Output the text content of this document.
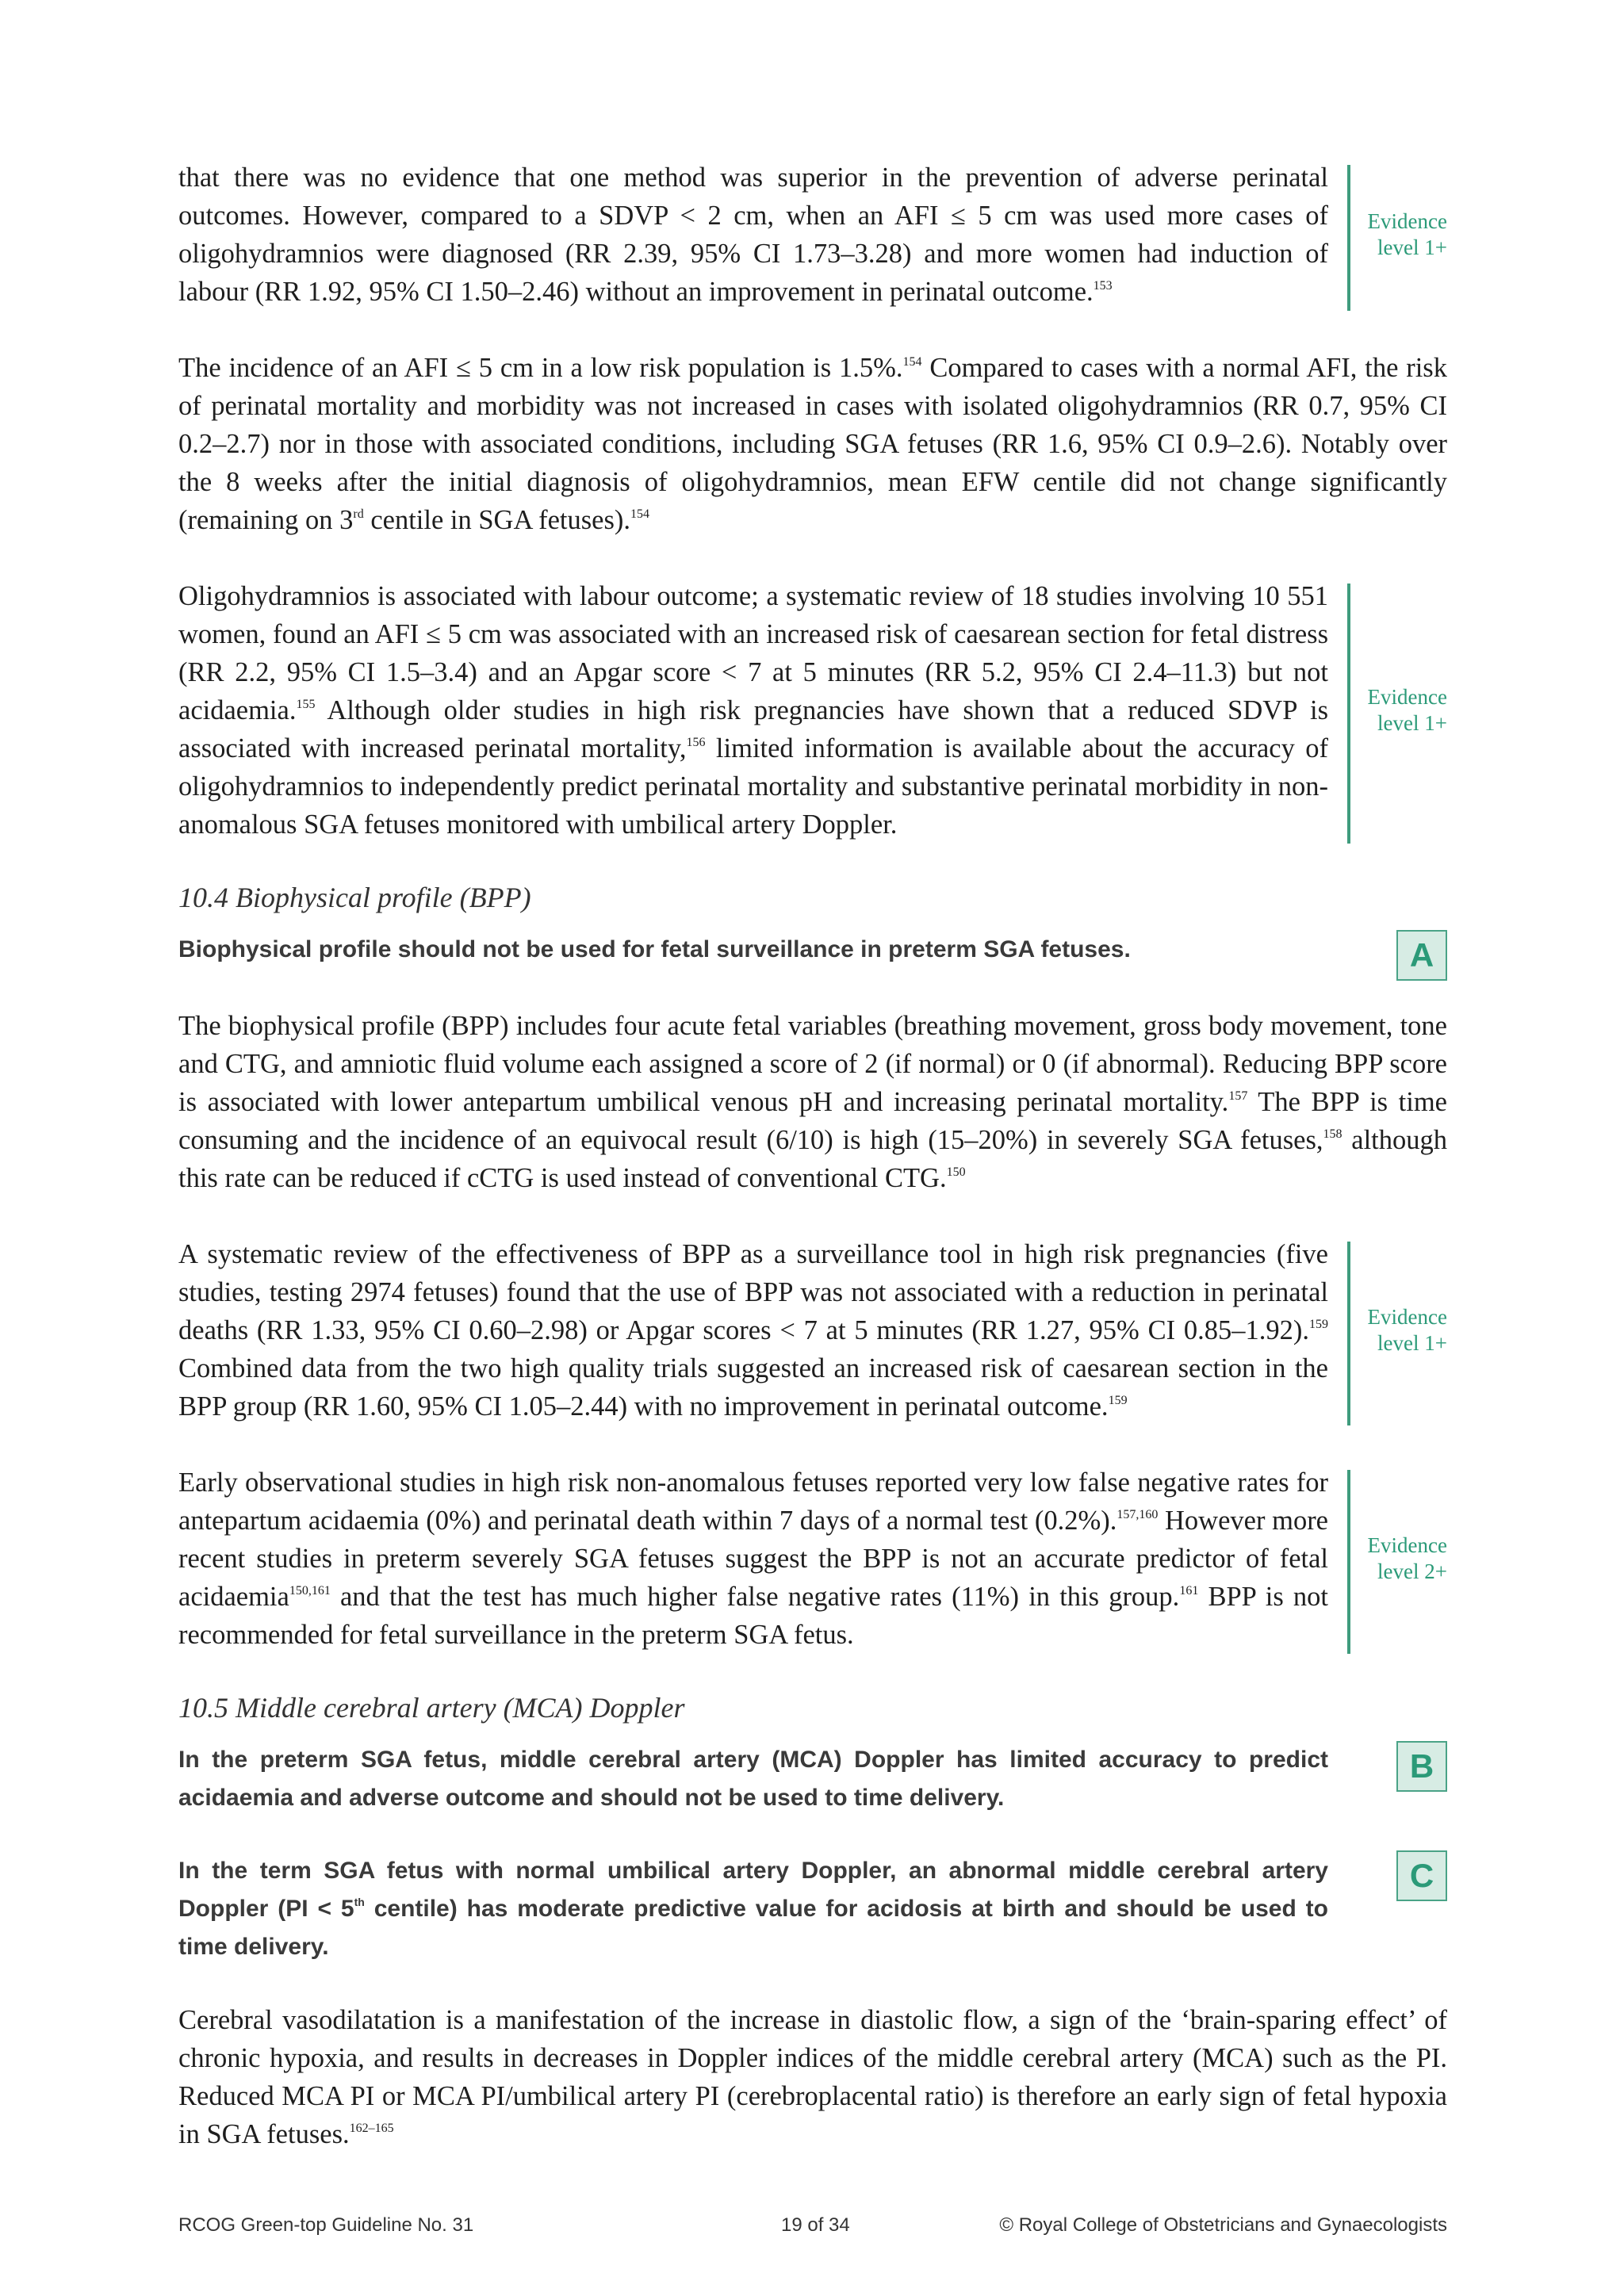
that there was no evidence that one method was superior in the prevention of adverse perinatal outcomes. However, compared to a SDVP < 2 cm, when an AFI ≤ 5 cm was used more cases of oligohydramnios were diagnosed (RR 2.39, 95% CI 1.73–3.28) and more women had induction of labour (RR 1.92, 95% CI 1.50–2.46) without an improvement in perinatal outcome.$^{153}$

Evidence
level 1+

The incidence of an AFI ≤ 5 cm in a low risk population is 1.5%.$^{154}$ Compared to cases with a normal AFI, the risk of perinatal mortality and morbidity was not increased in cases with isolated oligohydramnios (RR 0.7, 95% CI 0.2–2.7) nor in those with associated conditions, including SGA fetuses (RR 1.6, 95% CI 0.9–2.6). Notably over the 8 weeks after the initial diagnosis of oligohydramnios, mean EFW centile did not change significantly (remaining on 3rd centile in SGA fetuses).$^{154}$

Oligohydramnios is associated with labour outcome; a systematic review of 18 studies involving 10 551 women, found an AFI ≤ 5 cm was associated with an increased risk of caesarean section for fetal distress (RR 2.2, 95% CI 1.5–3.4) and an Apgar score < 7 at 5 minutes (RR 5.2, 95% CI 2.4–11.3) but not acidaemia.$^{155}$ Although older studies in high risk pregnancies have shown that a reduced SDVP is associated with increased perinatal mortality,$^{156}$ limited information is available about the accuracy of oligohydramnios to independently predict perinatal mortality and substantive perinatal morbidity in non-anomalous SGA fetuses monitored with umbilical artery Doppler.

Evidence
level 1+

10.4 Biophysical profile (BPP)

Biophysical profile should not be used for fetal surveillance in preterm SGA fetuses.	A

The biophysical profile (BPP) includes four acute fetal variables (breathing movement, gross body movement, tone and CTG, and amniotic fluid volume each assigned a score of 2 (if normal) or 0 (if abnormal). Reducing BPP score is associated with lower antepartum umbilical venous pH and increasing perinatal mortality.$^{157}$ The BPP is time consuming and the incidence of an equivocal result (6/10) is high (15–20%) in severely SGA fetuses,$^{158}$ although this rate can be reduced if cCTG is used instead of conventional CTG.$^{150}$

A systematic review of the effectiveness of BPP as a surveillance tool in high risk pregnancies (five studies, testing 2974 fetuses) found that the use of BPP was not associated with a reduction in perinatal deaths (RR 1.33, 95% CI 0.60–2.98) or Apgar scores < 7 at 5 minutes (RR 1.27, 95% CI 0.85–1.92).$^{159}$ Combined data from the two high quality trials suggested an increased risk of caesarean section in the BPP group (RR 1.60, 95% CI 1.05–2.44) with no improvement in perinatal outcome.$^{159}$

Evidence
level 1+

Early observational studies in high risk non-anomalous fetuses reported very low false negative rates for antepartum acidaemia (0%) and perinatal death within 7 days of a normal test (0.2%).$^{157,160}$ However more recent studies in preterm severely SGA fetuses suggest the BPP is not an accurate predictor of fetal acidaemia$^{150,161}$ and that the test has much higher false negative rates (11%) in this group.$^{161}$ BPP is not recommended for fetal surveillance in the preterm SGA fetus.

Evidence
level 2+

10.5 Middle cerebral artery (MCA) Doppler

In the preterm SGA fetus, middle cerebral artery (MCA) Doppler has limited accuracy to predict acidaemia and adverse outcome and should not be used to time delivery.

B

In the term SGA fetus with normal umbilical artery Doppler, an abnormal middle cerebral artery Doppler (PI < 5th centile) has moderate predictive value for acidosis at birth and should be used to time delivery.

C

Cerebral vasodilatation is a manifestation of the increase in diastolic flow, a sign of the ‘brain-sparing effect’ of chronic hypoxia, and results in decreases in Doppler indices of the middle cerebral artery (MCA) such as the PI. Reduced MCA PI or MCA PI/umbilical artery PI (cerebroplacental ratio) is therefore an early sign of fetal hypoxia in SGA fetuses.$^{162-165}$

RCOG Green-top Guideline No. 31	19 of 34	© Royal College of Obstetricians and Gynaecologists
